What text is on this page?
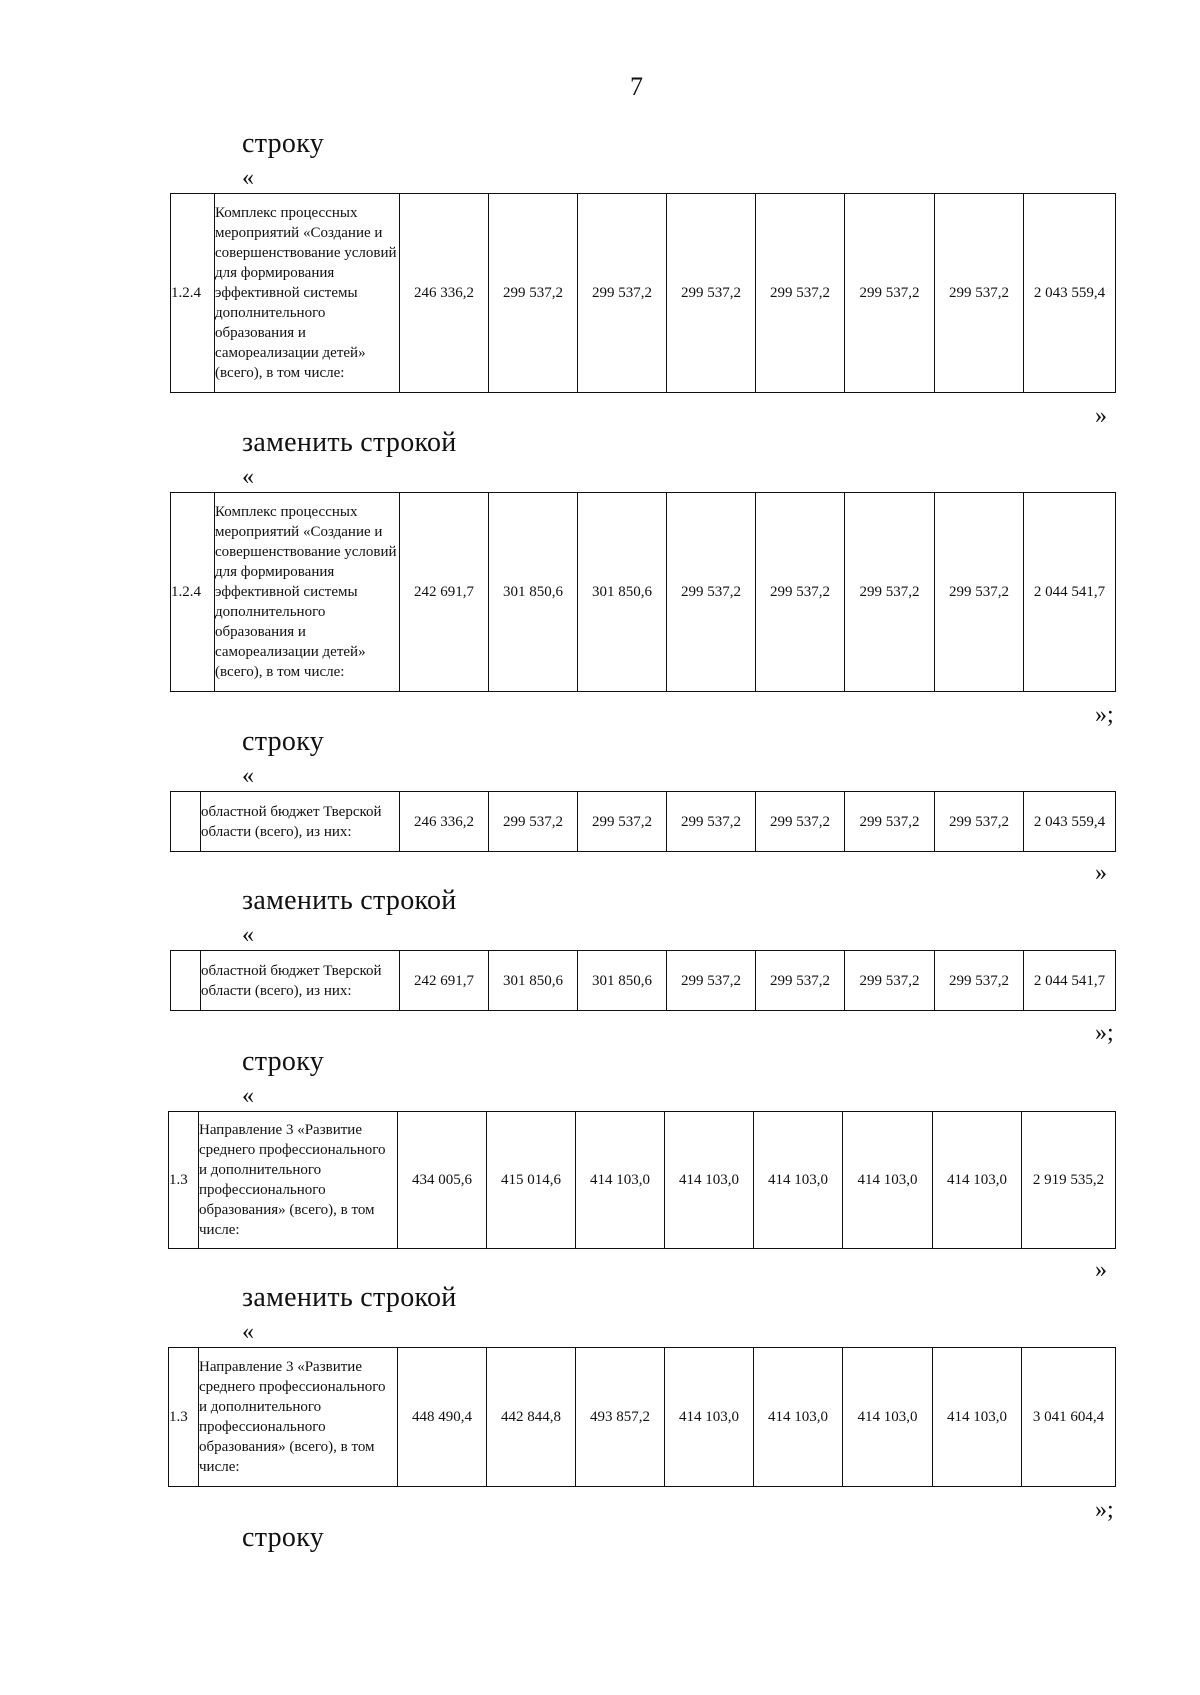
7
строку
«
1.2.4	Комплекс процессных мероприятий «Создание и совершенствование условий для формирования эффективной системы дополнительного образования и самореализации детей» (всего), в том числе:	246 336,2	299 537,2	299 537,2	299 537,2	299 537,2	299 537,2	299 537,2	2 043 559,4
»
заменить строкой
«
1.2.4	Комплекс процессных мероприятий «Создание и совершенствование условий для формирования эффективной системы дополнительного образования и самореализации детей» (всего), в том числе:	242 691,7	301 850,6	301 850,6	299 537,2	299 537,2	299 537,2	299 537,2	2 044 541,7
»;
строку
«
	областной бюджет Тверской области (всего), из них:	246 336,2	299 537,2	299 537,2	299 537,2	299 537,2	299 537,2	299 537,2	2 043 559,4
»
заменить строкой
«
	областной бюджет Тверской области (всего), из них:	242 691,7	301 850,6	301 850,6	299 537,2	299 537,2	299 537,2	299 537,2	2 044 541,7
»;
строку
«
1.3	Направление 3 «Развитие среднего профессионального и дополнительного профессионального образования» (всего), в том числе:	434 005,6	415 014,6	414 103,0	414 103,0	414 103,0	414 103,0	414 103,0	2 919 535,2
»
заменить строкой
«
1.3	Направление 3 «Развитие среднего профессионального и дополнительного профессионального образования» (всего), в том числе:	448 490,4	442 844,8	493 857,2	414 103,0	414 103,0	414 103,0	414 103,0	3 041 604,4
»;
строку
